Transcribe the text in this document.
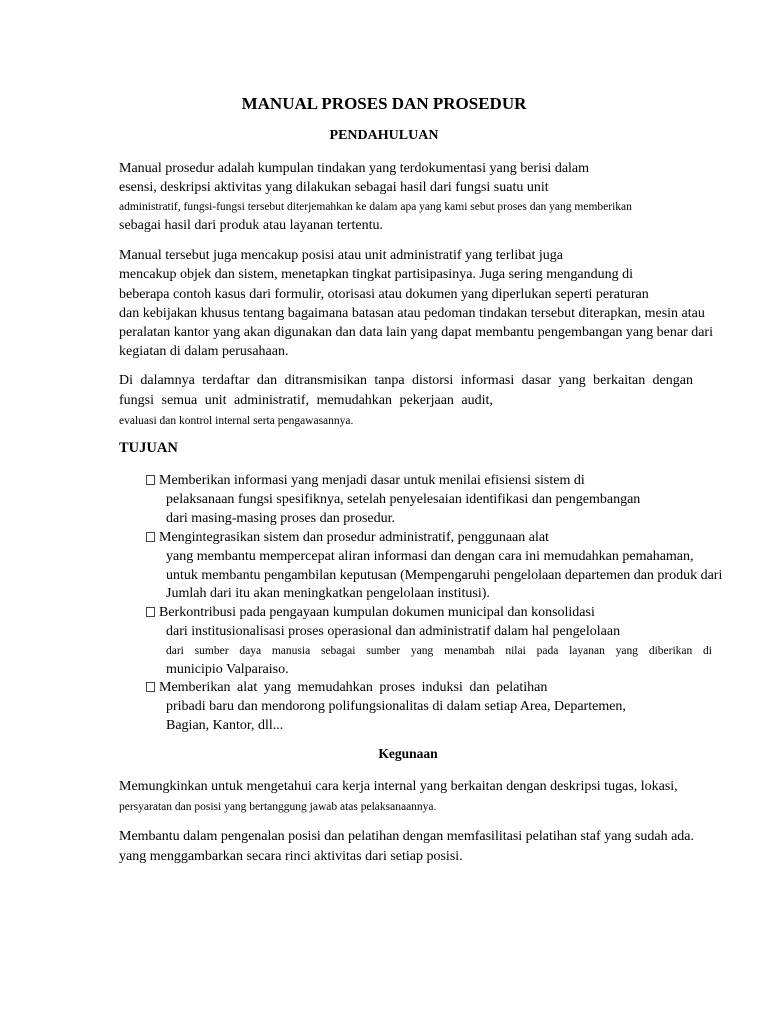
MANUAL PROSES DAN PROSEDUR
PENDAHULUAN
Manual prosedur adalah kumpulan tindakan yang terdokumentasi yang berisi dalam
esensi, deskripsi aktivitas yang dilakukan sebagai hasil dari fungsi suatu unit
administratif, fungsi-fungsi tersebut diterjemahkan ke dalam apa yang kami sebut proses dan yang memberikan
sebagai hasil dari produk atau layanan tertentu.
Manual tersebut juga mencakup posisi atau unit administratif yang terlibat juga
mencakup objek dan sistem, menetapkan tingkat partisipasinya. Juga sering mengandung di
beberapa contoh kasus dari formulir, otorisasi atau dokumen yang diperlukan seperti peraturan
dan kebijakan khusus tentang bagaimana batasan atau pedoman tindakan tersebut diterapkan, mesin atau
peralatan kantor yang akan digunakan dan data lain yang dapat membantu pengembangan yang benar dari
kegiatan di dalam perusahaan.
Di dalamnya terdaftar dan ditransmisikan tanpa distorsi informasi dasar yang berkaitan dengan
fungsi semua unit administratif, memudahkan pekerjaan audit,
evaluasi dan kontrol internal serta pengawasannya.
TUJUAN
Memberikan informasi yang menjadi dasar untuk menilai efisiensi sistem di
pelaksanaan fungsi spesifiknya, setelah penyelesaian identifikasi dan pengembangan
dari masing-masing proses dan prosedur.
Mengintegrasikan sistem dan prosedur administratif, penggunaan alat
yang membantu mempercepat aliran informasi dan dengan cara ini memudahkan pemahaman,
untuk membantu pengambilan keputusan (Mempengaruhi pengelolaan departemen dan produk dari
Jumlah dari itu akan meningkatkan pengelolaan institusi).
Berkontribusi pada pengayaan kumpulan dokumen municipal dan konsolidasi
dari institusionalisasi proses operasional dan administratif dalam hal pengelolaan
dari sumber daya manusia sebagai sumber yang menambah nilai pada layanan yang diberikan di
municipio Valparaiso.
Memberikan alat yang memudahkan proses induksi dan pelatihan
pribadi baru dan mendorong polifungsionalitas di dalam setiap Area, Departemen,
Bagian, Kantor, dll...
Kegunaan
Memungkinkan untuk mengetahui cara kerja internal yang berkaitan dengan deskripsi tugas, lokasi,
persyaratan dan posisi yang bertanggung jawab atas pelaksanaannya.
Membantu dalam pengenalan posisi dan pelatihan dengan memfasilitasi pelatihan staf yang sudah ada.
yang menggambarkan secara rinci aktivitas dari setiap posisi.
